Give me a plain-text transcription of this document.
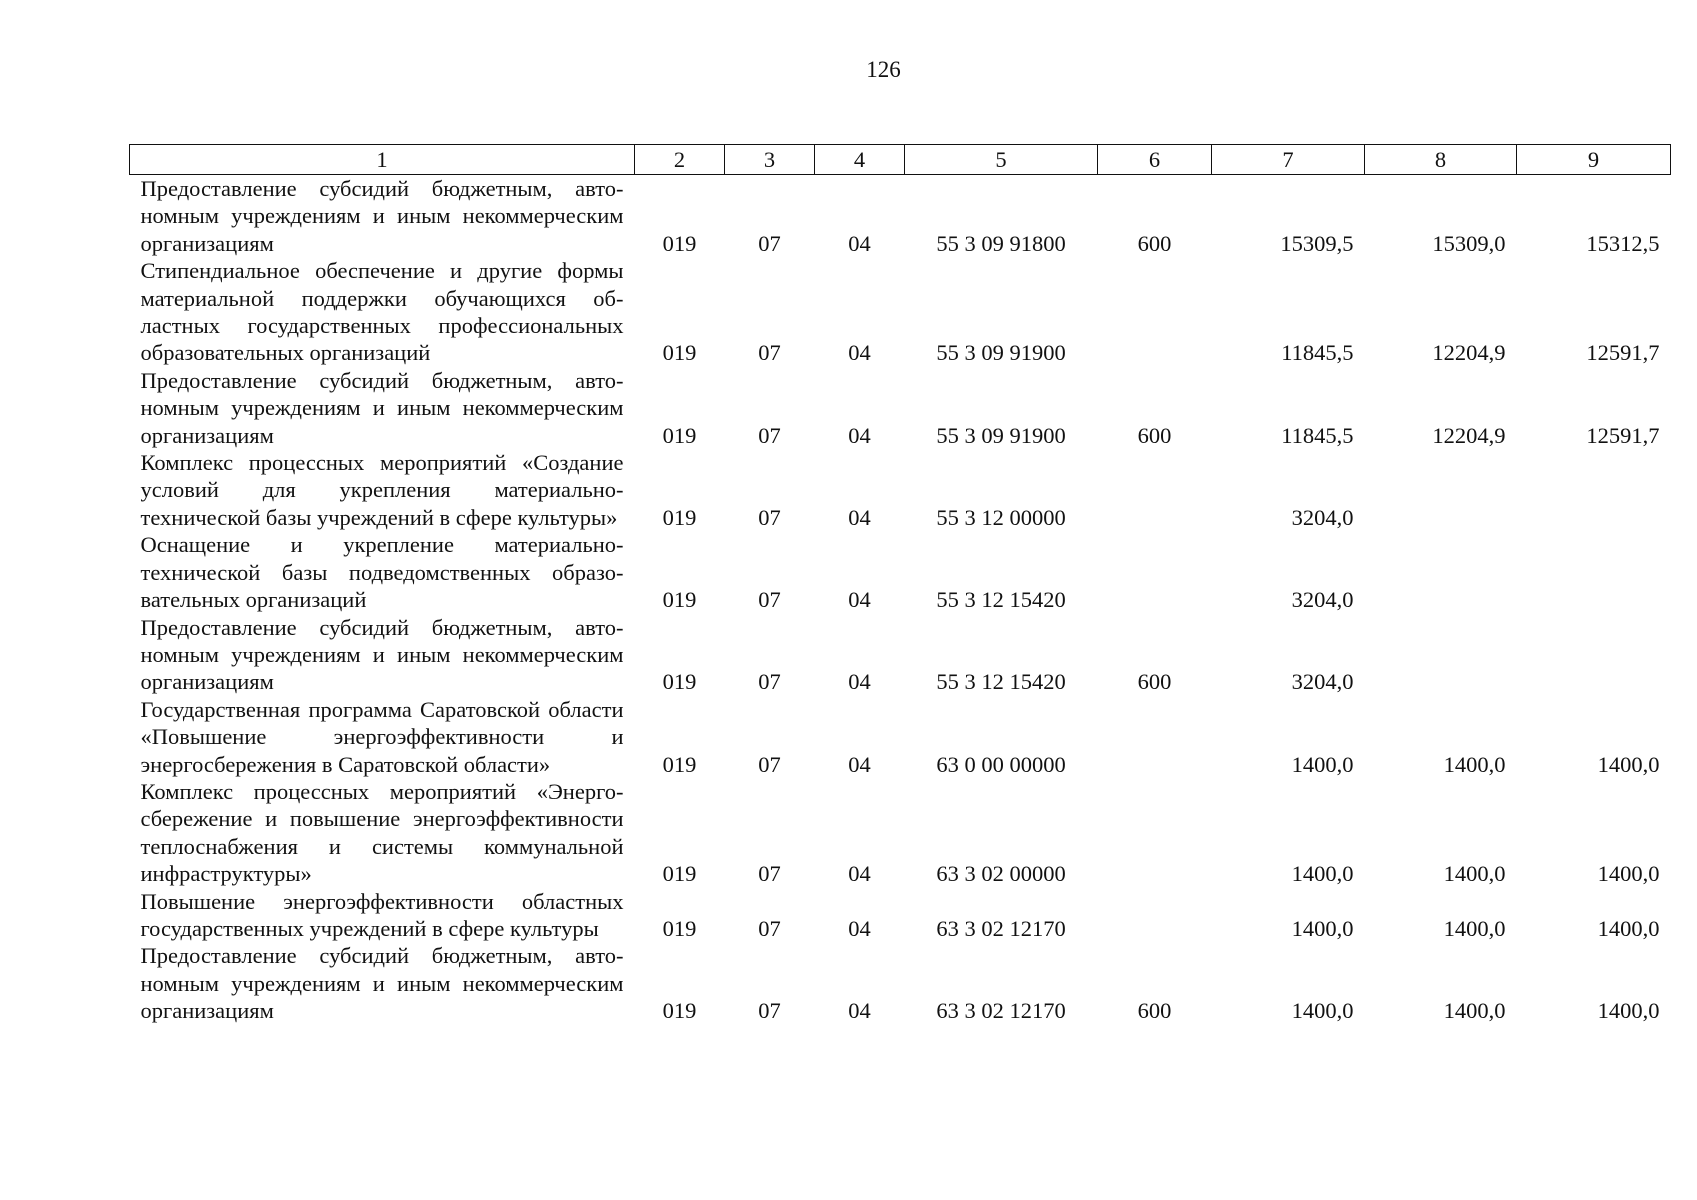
126
1	2	3	4	5	6	7	8	9
Предоставление субсидий бюджетным, автономным учреждениям и иным некоммерческим организациям	019	07	04	55 3 09 91800	600	15309,5	15309,0	15312,5
Стипендиальное обеспечение и другие формы материальной поддержки обучающихся областных государственных профессиональных образовательных организаций	019	07	04	55 3 09 91900		11845,5	12204,9	12591,7
Предоставление субсидий бюджетным, автономным учреждениям и иным некоммерческим организациям	019	07	04	55 3 09 91900	600	11845,5	12204,9	12591,7
Комплекс процессных мероприятий «Создание условий для укрепления материально-технической базы учреждений в сфере культуры»	019	07	04	55 3 12 00000		3204,0		
Оснащение и укрепление материально-технической базы подведомственных образовательных организаций	019	07	04	55 3 12 15420		3204,0		
Предоставление субсидий бюджетным, автономным учреждениям и иным некоммерческим организациям	019	07	04	55 3 12 15420	600	3204,0		
Государственная программа Саратовской области «Повышение энергоэффективности и энергосбережения в Саратовской области»	019	07	04	63 0 00 00000		1400,0	1400,0	1400,0
Комплекс процессных мероприятий «Энергосбережение и повышение энергоэффективности теплоснабжения и системы коммунальной инфраструктуры»	019	07	04	63 3 02 00000		1400,0	1400,0	1400,0
Повышение энергоэффективности областных государственных учреждений в сфере культуры	019	07	04	63 3 02 12170		1400,0	1400,0	1400,0
Предоставление субсидий бюджетным, автономным учреждениям и иным некоммерческим организациям	019	07	04	63 3 02 12170	600	1400,0	1400,0	1400,0
